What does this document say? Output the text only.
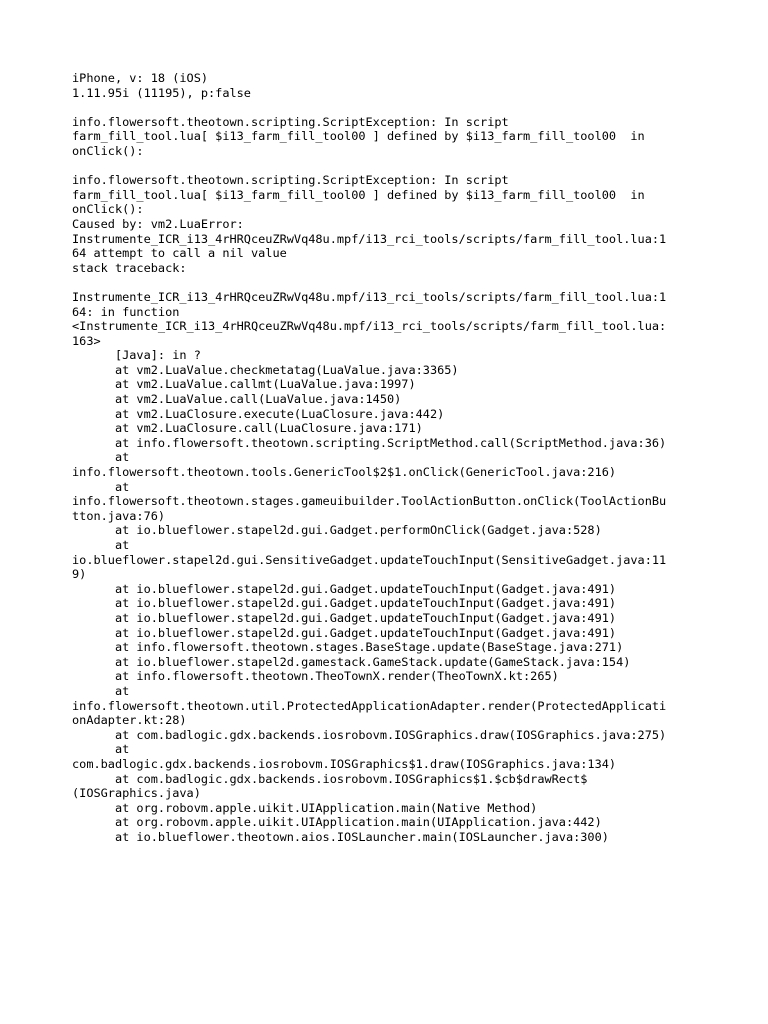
iPhone, v: 18 (iOS)
1.11.95i (11195), p:false
info.flowersoft.theotown.scripting.ScriptException: In script
farm_fill_tool.lua[ $i13_farm_fill_tool00 ] defined by $i13_farm_fill_tool00  in
onClick():
info.flowersoft.theotown.scripting.ScriptException: In script
farm_fill_tool.lua[ $i13_farm_fill_tool00 ] defined by $i13_farm_fill_tool00  in
onClick():
Caused by: vm2.LuaError:
Instrumente_ICR_i13_4rHRQceuZRwVq48u.mpf/i13_rci_tools/scripts/farm_fill_tool.lua:1
64 attempt to call a nil value
stack traceback:
Instrumente_ICR_i13_4rHRQceuZRwVq48u.mpf/i13_rci_tools/scripts/farm_fill_tool.lua:1
64: in function
<Instrumente_ICR_i13_4rHRQceuZRwVq48u.mpf/i13_rci_tools/scripts/farm_fill_tool.lua:
163>
[Java]: in ?
at vm2.LuaValue.checkmetatag(LuaValue.java:3365)
at vm2.LuaValue.callmt(LuaValue.java:1997)
at vm2.LuaValue.call(LuaValue.java:1450)
at vm2.LuaClosure.execute(LuaClosure.java:442)
at vm2.LuaClosure.call(LuaClosure.java:171)
at info.flowersoft.theotown.scripting.ScriptMethod.call(ScriptMethod.java:36)
at
info.flowersoft.theotown.tools.GenericTool$2$1.onClick(GenericTool.java:216)
at
info.flowersoft.theotown.stages.gameuibuilder.ToolActionButton.onClick(ToolActionBu
tton.java:76)
at io.blueflower.stapel2d.gui.Gadget.performOnClick(Gadget.java:528)
at
io.blueflower.stapel2d.gui.SensitiveGadget.updateTouchInput(SensitiveGadget.java:11
9)
at io.blueflower.stapel2d.gui.Gadget.updateTouchInput(Gadget.java:491)
at io.blueflower.stapel2d.gui.Gadget.updateTouchInput(Gadget.java:491)
at io.blueflower.stapel2d.gui.Gadget.updateTouchInput(Gadget.java:491)
at io.blueflower.stapel2d.gui.Gadget.updateTouchInput(Gadget.java:491)
at info.flowersoft.theotown.stages.BaseStage.update(BaseStage.java:271)
at io.blueflower.stapel2d.gamestack.GameStack.update(GameStack.java:154)
at info.flowersoft.theotown.TheoTownX.render(TheoTownX.kt:265)
at
info.flowersoft.theotown.util.ProtectedApplicationAdapter.render(ProtectedApplicati
onAdapter.kt:28)
at com.badlogic.gdx.backends.iosrobovm.IOSGraphics.draw(IOSGraphics.java:275)
at
com.badlogic.gdx.backends.iosrobovm.IOSGraphics$1.draw(IOSGraphics.java:134)
at com.badlogic.gdx.backends.iosrobovm.IOSGraphics$1.$cb$drawRect$
(IOSGraphics.java)
at org.robovm.apple.uikit.UIApplication.main(Native Method)
at org.robovm.apple.uikit.UIApplication.main(UIApplication.java:442)
at io.blueflower.theotown.aios.IOSLauncher.main(IOSLauncher.java:300)
